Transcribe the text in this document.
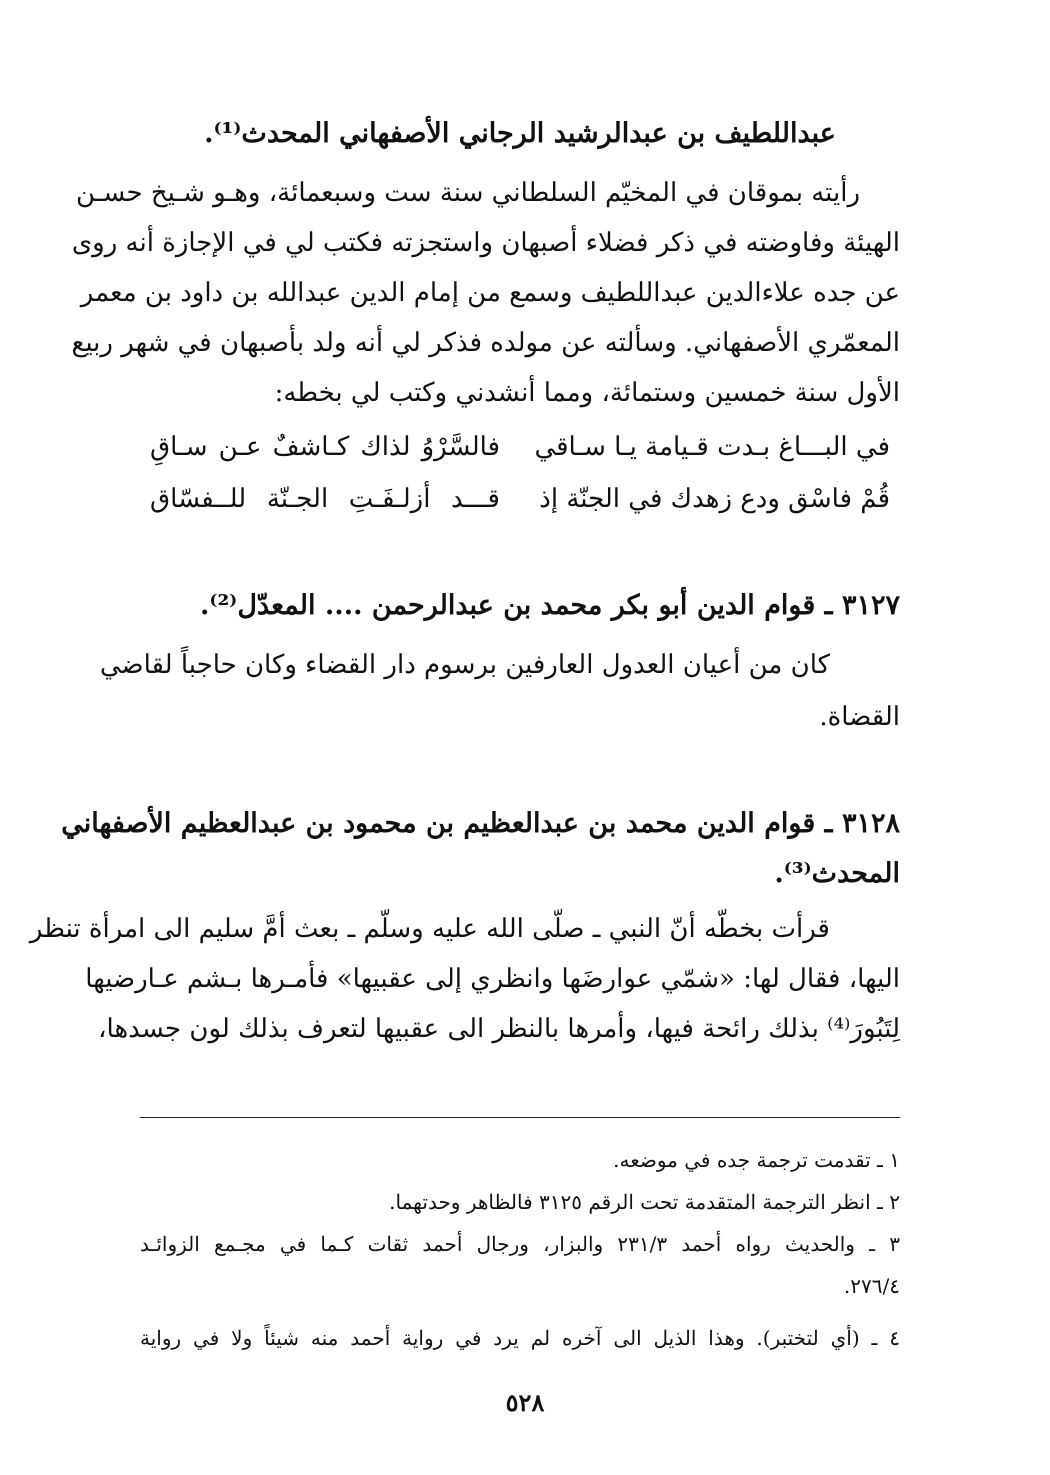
عبداللطيف بن عبدالرشيد الرجاني الأصفهاني المحدث⁽¹⁾.
رأيته بموقان في المخيّم السلطاني سنة ست وسبعمائة، وهـو شـيخ حسـن
الهيئة وفاوضته في ذكر فضلاء أصبهان واستجزته فكتب لي في الإجازة أنه روى
عن جده علاءالدين عبداللطيف وسمع من إمام الدين عبدالله بن داود بن معمر
المعمّري الأصفهاني. وسألته عن مولده فذكر لي أنه ولد بأصبهان في شهر ربيع
الأول سنة خمسين وستمائة، ومما أنشدني وكتب لي بخطه:
في البـــاغ بـدت قـيامة يـا سـاقي
فالسَّرْوُ لذاك كـاشفٌ عـن سـاقِ
قُمْ فاسْق ودع زهدك في الجنّة إذ
قـــد أزلـفَـتِ الجـنّة للــفسّاق
٣١٢٧ ـ قوام الدين أبو بكر محمد بن عبدالرحمن .... المعدّل⁽²⁾.
كان من أعيان العدول العارفين برسوم دار القضاء وكان حاجباً لقاضي
القضاة.
٣١٢٨ ـ قوام الدين محمد بن عبدالعظيم بن محمود بن عبدالعظيم الأصفهاني
المحدث⁽³⁾.
قرأت بخطّه أنّ النبي ـ صلّى الله عليه وسلّم ـ بعث أمَّ سليم الى امرأة تنظر
اليها، فقال لها: «شمّي عوارضَها وانظري إلى عقبيها» فأمـرها بـشم عـارضيها
لِتَبُورَ⁽⁴⁾ بذلك رائحة فيها، وأمرها بالنظر الى عقبيها لتعرف بذلك لون جسدها،
١ ـ تقدمت ترجمة جده في موضعه.
٢ ـ انظر الترجمة المتقدمة تحت الرقم ٣١٢٥ فالظاهر وحدتهما.
٣ ـ والحديث رواه أحمد ٢٣١/٣ والبزار، ورجال أحمد ثقات كـما في مجـمع الزوائـد
٢٧٦/٤.
٤ ـ (أي لتختبر). وهذا الذيل الى آخره لم يرد في رواية أحمد منه شيئاً ولا في رواية
٥٢٨
